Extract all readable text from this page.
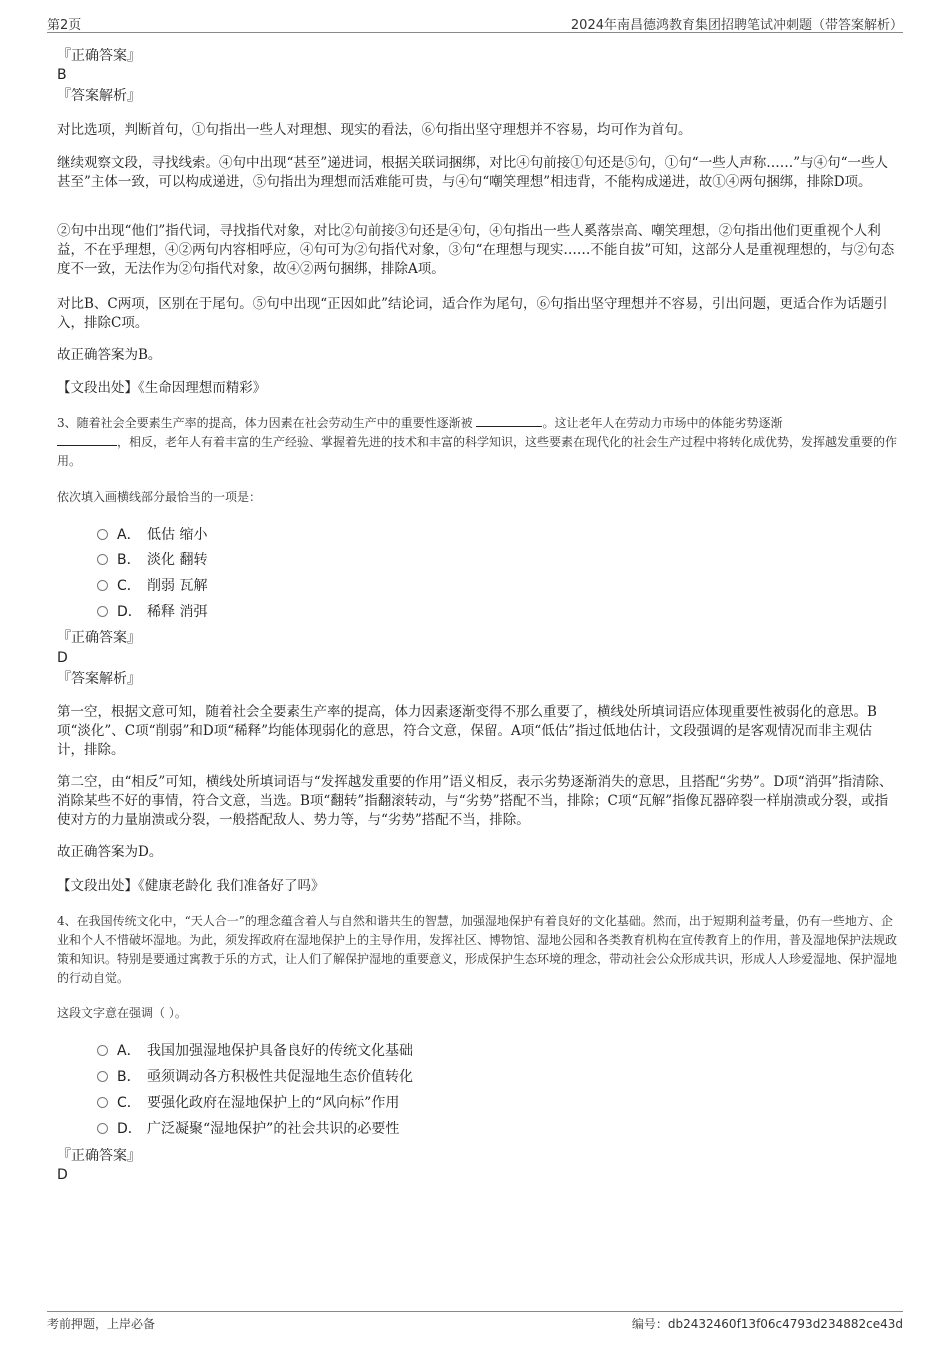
第2页	2024年南昌德鸿教育集团招聘笔试冲刺题（带答案解析）
『正确答案』
B
『答案解析』
对比选项，判断首句，①句指出一些人对理想、现实的看法，⑥句指出坚守理想并不容易，均可作为首句。
继续观察文段，寻找线索。④句中出现“甚至”递进词，根据关联词捆绑，对比④句前接①句还是⑤句，①句“一些人声称……”与④句“一些人甚至”主体一致，可以构成递进，⑤句指出为理想而活难能可贵，与④句“嘲笑理想”相违背，不能构成递进，故①④两句捆绑，排除D项。
②句中出现“他们”指代词，寻找指代对象，对比②句前接③句还是④句，④句指出一些人奚落崇高、嘲笑理想，②句指出他们更重视个人利益，不在乎理想，④②两句内容相呼应，④句可为②句指代对象，③句“在理想与现实……不能自拔”可知，这部分人是重视理想的，与②句态度不一致，无法作为②句指代对象，故④②两句捆绑，排除A项。
对比B、C两项，区别在于尾句。⑤句中出现“正因如此”结论词，适合作为尾句，⑥句指出坚守理想并不容易，引出问题，更适合作为话题引入，排除C项。
故正确答案为B。
【文段出处】《生命因理想而精彩》
3、随着社会全要素生产率的提高，体力因素在社会劳动生产中的重要性逐渐被	。这让老年人在劳动力市场中的体能劣势逐渐
，相反，老年人有着丰富的生产经验、掌握着先进的技术和丰富的科学知识，这些要素在现代化的社会生产过程中将转化成优势，发挥越发重要的作用。
依次填入画横线部分最恰当的一项是：
A． 低估 缩小
B． 淡化 翻转
C． 削弱 瓦解
D． 稀释 消弭
『正确答案』
D
『答案解析』
第一空，根据文意可知，随着社会全要素生产率的提高，体力因素逐渐变得不那么重要了，横线处所填词语应体现重要性被弱化的意思。B项“淡化”、C项“削弱”和D项“稀释”均能体现弱化的意思，符合文意，保留。A项“低估”指过低地估计，文段强调的是客观情况而非主观估计，排除。
第二空，由“相反”可知，横线处所填词语与“发挥越发重要的作用”语义相反，表示劣势逐渐消失的意思，且搭配“劣势”。D项“消弭”指清除、消除某些不好的事情，符合文意，当选。B项“翻转”指翻滚转动，与“劣势”搭配不当，排除；C项“瓦解”指像瓦器碎裂一样崩溃或分裂，或指使对方的力量崩溃或分裂，一般搭配敌人、势力等，与“劣势”搭配不当，排除。
故正确答案为D。
【文段出处】《健康老龄化 我们准备好了吗》
4、在我国传统文化中，“天人合一”的理念蕴含着人与自然和谐共生的智慧，加强湿地保护有着良好的文化基础。然而，出于短期利益考量，仍有一些地方、企业和个人不惜破坏湿地。为此，须发挥政府在湿地保护上的主导作用，发挥社区、博物馆、湿地公园和各类教育机构在宣传教育上的作用，普及湿地保护法规政策和知识。特别是要通过寓教于乐的方式，让人们了解保护湿地的重要意义，形成保护生态环境的理念，带动社会公众形成共识，形成人人珍爱湿地、保护湿地的行动自觉。
这段文字意在强调（ ）。
A． 我国加强湿地保护具备良好的传统文化基础
B． 亟须调动各方积极性共促湿地生态价值转化
C． 要强化政府在湿地保护上的“风向标”作用
D． 广泛凝聚“湿地保护”的社会共识的必要性
『正确答案』
D
考前押题，上岸必备	编号：db2432460f13f06c4793d234882ce43d
